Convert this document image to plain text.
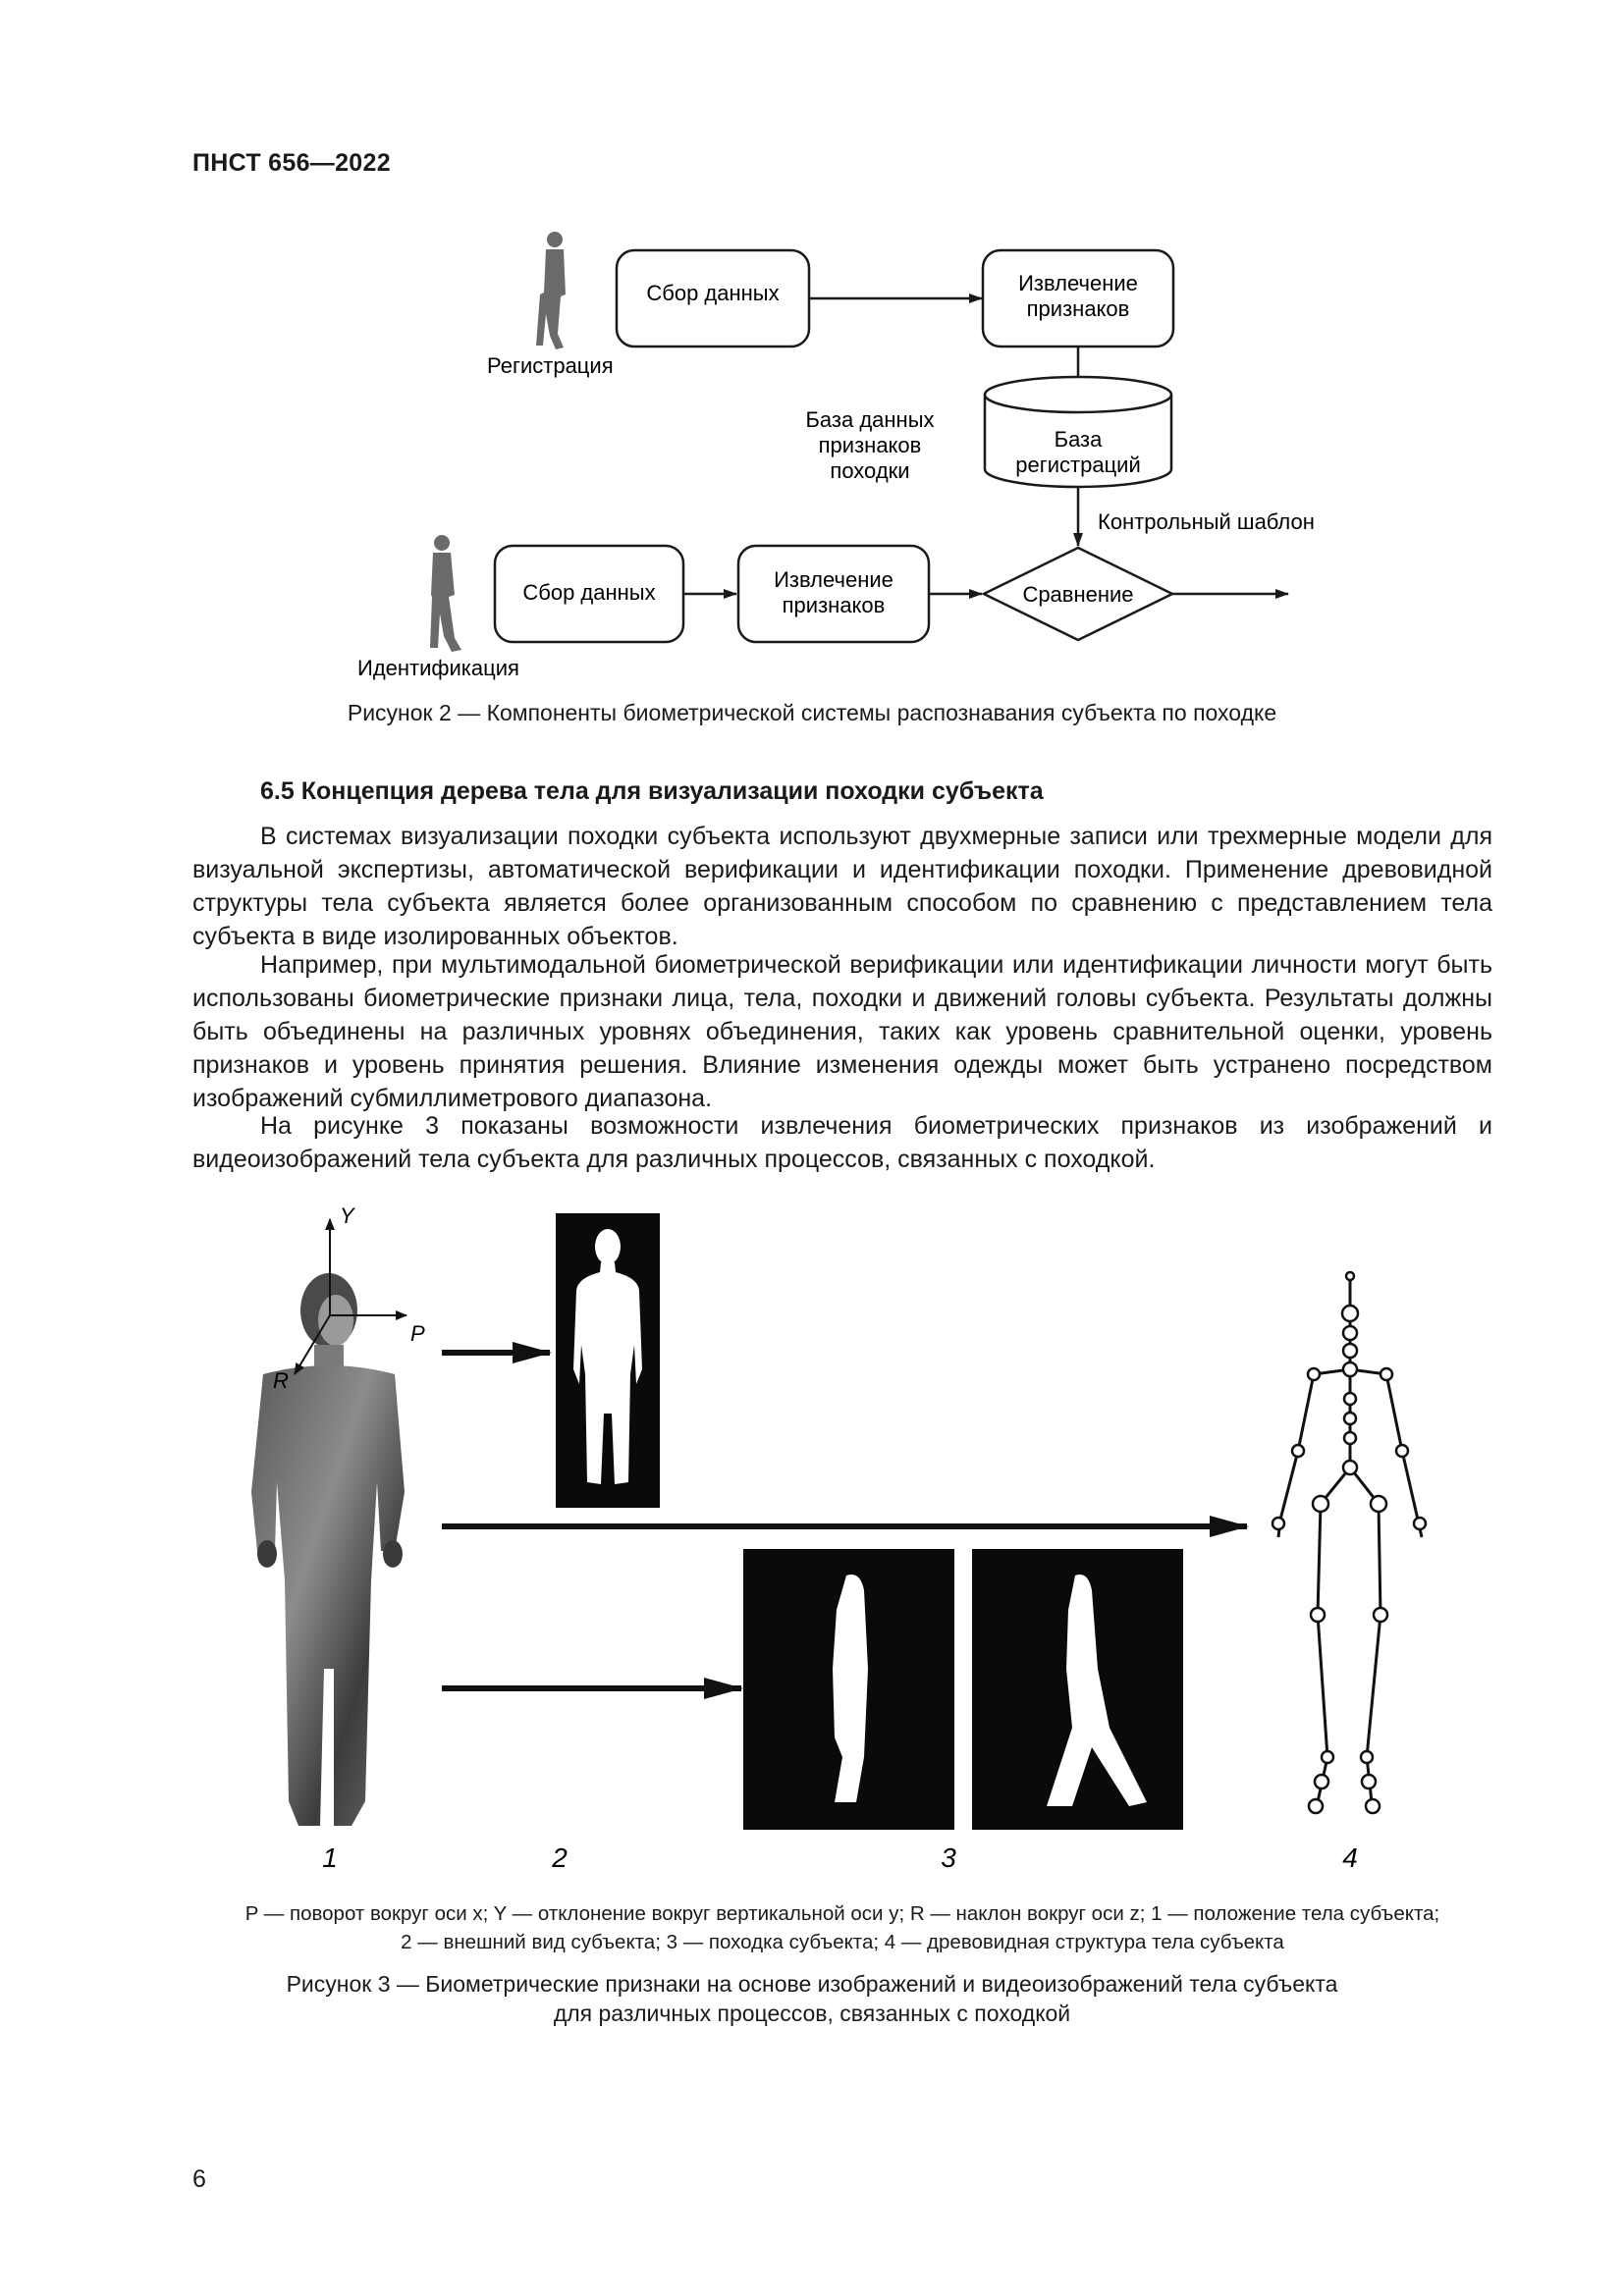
ПНСТ 656—2022
Регистрация
Сбор данных	Извлечение
признаков
База
регистраций
База данных
признаков
походки
Контрольный шаблон
Идентификация
Сбор данных
Извлечение
признаков	Сравнение
Рисунок 2 — Компоненты биометрической системы распознавания субъекта по походке
6.5 Концепция дерева тела для визуализации походки субъекта

В системах визуализации походки субъекта используют двухмерные записи или трехмерные модели для визуальной экспертизы, автоматической верификации и идентификации походки. Применение древовидной структуры тела субъекта является более организованным способом по сравнению с представлением тела субъекта в виде изолированных объектов.

Например, при мультимодальной биометрической верификации или идентификации личности могут быть использованы биометрические признаки лица, тела, походки и движений головы субъекта. Результаты должны быть объединены на различных уровнях объединения, таких как уровень сравнительной оценки, уровень признаков и уровень принятия решения. Влияние изменения одежды может быть устранено посредством изображений субмиллиметрового диапазона.

На рисунке 3 показаны возможности извлечения биометрических признаков из изображений и видеоизображений тела субъекта для различных процессов, связанных с походкой.

Y
P
R
1	2	3	4
P — поворот вокруг оси x; Y — отклонение вокруг вертикальной оси y; R — наклон вокруг оси z; 1 — положение тела субъекта;
2 — внешний вид субъекта; 3 — походка субъекта; 4 — древовидная структура тела субъекта
Рисунок 3 — Биометрические признаки на основе изображений и видеоизображений тела субъекта
для различных процессов, связанных с походкой
6
